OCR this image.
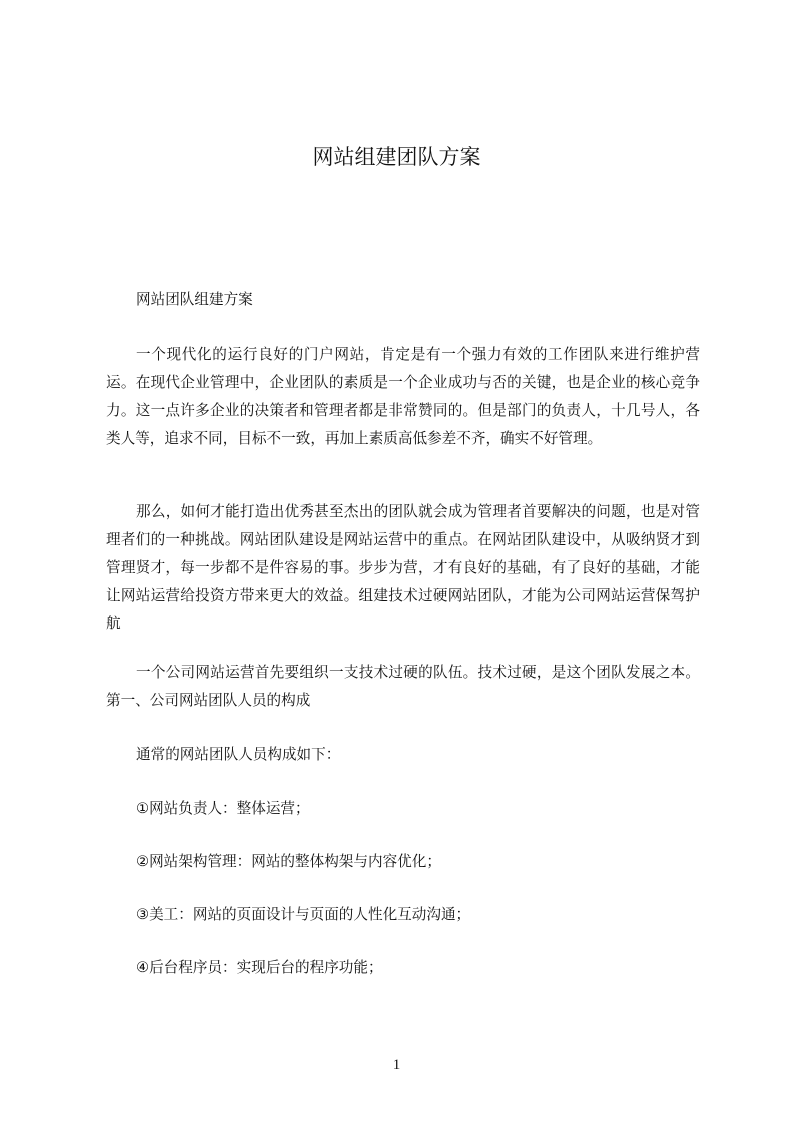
网站组建团队方案

网站团队组建方案

一个现代化的运行良好的门户网站，肯定是有一个强力有效的工作团队来进行维护营运。在现代企业管理中，企业团队的素质是一个企业成功与否的关键，也是企业的核心竞争力。这一点许多企业的决策者和管理者都是非常赞同的。但是部门的负责人，十几号人，各类人等，追求不同，目标不一致，再加上素质高低参差不齐，确实不好管理。

那么，如何才能打造出优秀甚至杰出的团队就会成为管理者首要解决的问题，也是对管理者们的一种挑战。网站团队建设是网站运营中的重点。在网站团队建设中，从吸纳贤才到管理贤才，每一步都不是件容易的事。步步为营，才有良好的基础，有了良好的基础，才能让网站运营给投资方带来更大的效益。组建技术过硬网站团队，才能为公司网站运营保驾护航

一个公司网站运营首先要组织一支技术过硬的队伍。技术过硬，是这个团队发展之本。第一、公司网站团队人员的构成

通常的网站团队人员构成如下：

①网站负责人：整体运营；

②网站架构管理：网站的整体构架与内容优化；

③美工：网站的页面设计与页面的人性化互动沟通；

④后台程序员：实现后台的程序功能；

1
